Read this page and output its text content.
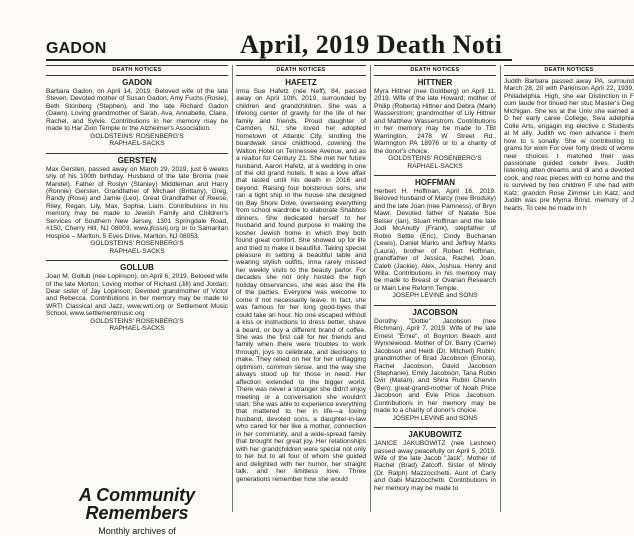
GADON	April, 2019 Death Noti
DEATH NOTICES
GADON
Barbara Gadon, on April 14, 2019. Beloved wife of the late Steven. Devoted mother of Susan Gadon, Amy Fuchs (Rosie), Beth Stonberg (Stephen), and the late Richard Gadon (Dawn). Loving grandmother of Sarah, Ava, Annabelle, Claire, Rachel, and Sylvie. Contributions in her memory may be made to Har Zion Temple or the Alzheimer's Association.
GOLDSTEINS' ROSENBERG'S
RAPHAEL-SACKS
GERSTEN
Max Gersten, passed away on March 29, 2019, just 6 weeks shy of his 100th birthday. Husband of the late Bronia (nee Mandel). Father of Roslyn (Stanley) Middleman and Harry (Ronnie) Gersten. Grandfather of Michael (Brittany), Greg, Randy (Rose) and Jamie (Leo). Great Grandfather of Reese, Riley, Regan, Lily, Max, Sophia, Liam. Contributions in his memory may be made to Jewish Family and Children's Services of Southern New Jersey, 1301 Springdale Road, #150, Cherry Hill, NJ 08003, www.jfcssnj.org or to Samaritan Hospice – Marlton, 5 Eves Drive, Marlton, NJ 08053.
GOLDSTEINS' ROSENBERG'S
RAPHAEL-SACKS
GOLLUB
Joan M. Gollub (nee Lopinson), on April 6, 2019. Beloved wife of the late Morton; Loving mother of Richard (Jill) and Jordan; Dear sister of Jay Lopinson; Devoted grandmother of Victor and Rebecca. Contributions in her memory may be made to WRTI Classical and Jazz, www.wrti.org or Settlement Music School, www.settlementmusic.org
GOLDSTEINS' ROSENBERG'S
RAPHAEL-SACKS
DEATH NOTICES
HAFETZ
Irma Sue Hafetz (née Neff), 84, passed away on April 10th, 2019, surrounded by children and grandchildren. She was a lifelong center of gravity for the life of her family and friends. Proud daughter of Camden, NJ, she loved her adopted hometown of Atlantic City, strolling the boardwalk since childhood, cowning the Walton Hotel on Tennessee Avenue, and as a realtor for Century 21. She met her future husband, Aaron Hafetz, at a wedding in one of the old grand hotels. It was a love affair that lasted until his death in 2016 and beyond. Raising four boisterous sons, she ran a tight ship in the house she designed on Bay Shore Drive, overseeing everything from school wardrobe to elaborate Shabbos dinners. She dedicated herself to her husband and found purpose in making the kosher Jewish home in which they both found great comfort. She showed up for life and tried to make it beautiful. Taking special pleasure in setting a beautiful table and wearing stylish outfits, Irma rarely missed her weekly visits to the beauty parlor. For decades she not only hosted the high holiday observances, she was also the life of the parties. Everyone was welcome to come if not necessarily leave. In fact, she was famous for her long good-byes that could take an hour. No one escaped without a kiss or instructions to dress better, shave a beard, or buy a different brand of coffee. She was the first call for her friends and family when there were troubles to work through, joys to celebrate, and decisions to make. They relied on her for her unflagging optimism, common sense, and the way she always stood up for those in need. Her affection extended to the bigger world. There was never a stranger she didn't enjoy meeting or a conversation she wouldn't start. She was able to experience everything that mattered to her in life—a loving husband, devoted sons, a daughter-in-law who cared for her like a mother, connection in her community, and a wide-spread family that brought her great joy. Her relationships with her grandchildren were special not only to her but to all four of whom she guided and delighted with her humor, her straight talk, and her limitless love. Three generations remember how she would
DEATH NOTICES
HITTNER
Myra Hittner (nee Goldberg) on April 11, 2019. Wife of the late Howard; mother of Philip (Roberta) Hittner and Debra (Mark) Wasserstrom; grandmother of Lily Hittner and Matthew Wasserstrom. Contributions in her memory may be made to TBI Warrington, 2478 W Street Rd., Warrington PA 18976 or to a charity of the donor's choice.
GOLDSTEINS' ROSENBERG'S
RAPHAEL-SACKS
HOFFMAN
Herbert H. Hoffman, April 16, 2019. Beloved husband of Marcy (nee Brodsky) and the late Joan (nee Pamness), of Bryn Mawr. Devoted father of Natalie Sue Belser (Ian), Stuart Hoffman and the late Jodi McAnulty (Frank), stepfather of Robin Settle (Eric), Cindy Buchanan (Lewis), Daniel Marks and Jeffrey Marks (Laura), brother of Robert Hoffman, grandfather of Jessica, Rachel, Joan, Caleb (Jackie), Alex, Joshua, Henry and Willa. Contributions in his memory may be made to Breast or Ovarian Research or Main Line Reform Temple.
JOSEPH LEVINE and SONS
JACOBSON
Dorothy "Dottie" Jacobson (nee Richman), April 7, 2019. Wife of the late Ernest "Ernie", of Boynton Beach and Wynnewood. Mother of Dr. Barry (Carrie) Jacobson and Heidi (Dr. Mitchell) Rubin; grandmother of Brad Jacobson (Elnora), Rachel Jacobson, David Jacobson (Stephanie), Emily Jacobson, Tana Rubin Dvir (Matan), and Shira Rubin Chervin (Ben); great-grand-mother of Noah Price Jacobson and Evie Price Jacobson. Contributions in her memory may be made to a charity of donor's choice.
JOSEPH LEVINE and SONS
JAKUBOWITZ
JANICE JAKUBOWITZ (nee Leshner) passed away peacefully on April 5, 2019. Wife of the late Jacob "Jack". Mother of Rachel (Brad) Zatcoff. Sister of Mindy (Dr. Ralph) Mazzocchetti. Aunt of Carly and Gabi Mazzocchetti. Contributions in her memory may be made to
DEATH NOTICES
Judith Barbara passed away PA, surround March 28, 20 with Parkinson April 22, 1939, Philadelphia. High, she ear Distinction in F cum laude fror tinued her stuc Master's Deg Michigan. She ies at the Univ she earned a D her early caree College, Swa adelphia Colle Arts, engagin ing elective c Students at M ally. Judith wc men advance i them how to s sonally. She w contributing to grams for wom For over forty dreds of wome neer choices t matched their was passionate guided celebr lives. Judith listening atten dreams and di and a devoted cook, and reac pieces with co home and the is survived by two children F she had with Katz; grandch Rose Zimmer Lin Katz; and Judith was pre Myrna Brind. memory of J hearts. To cele be made in h
A Community
Remembers
Monthly archives of
